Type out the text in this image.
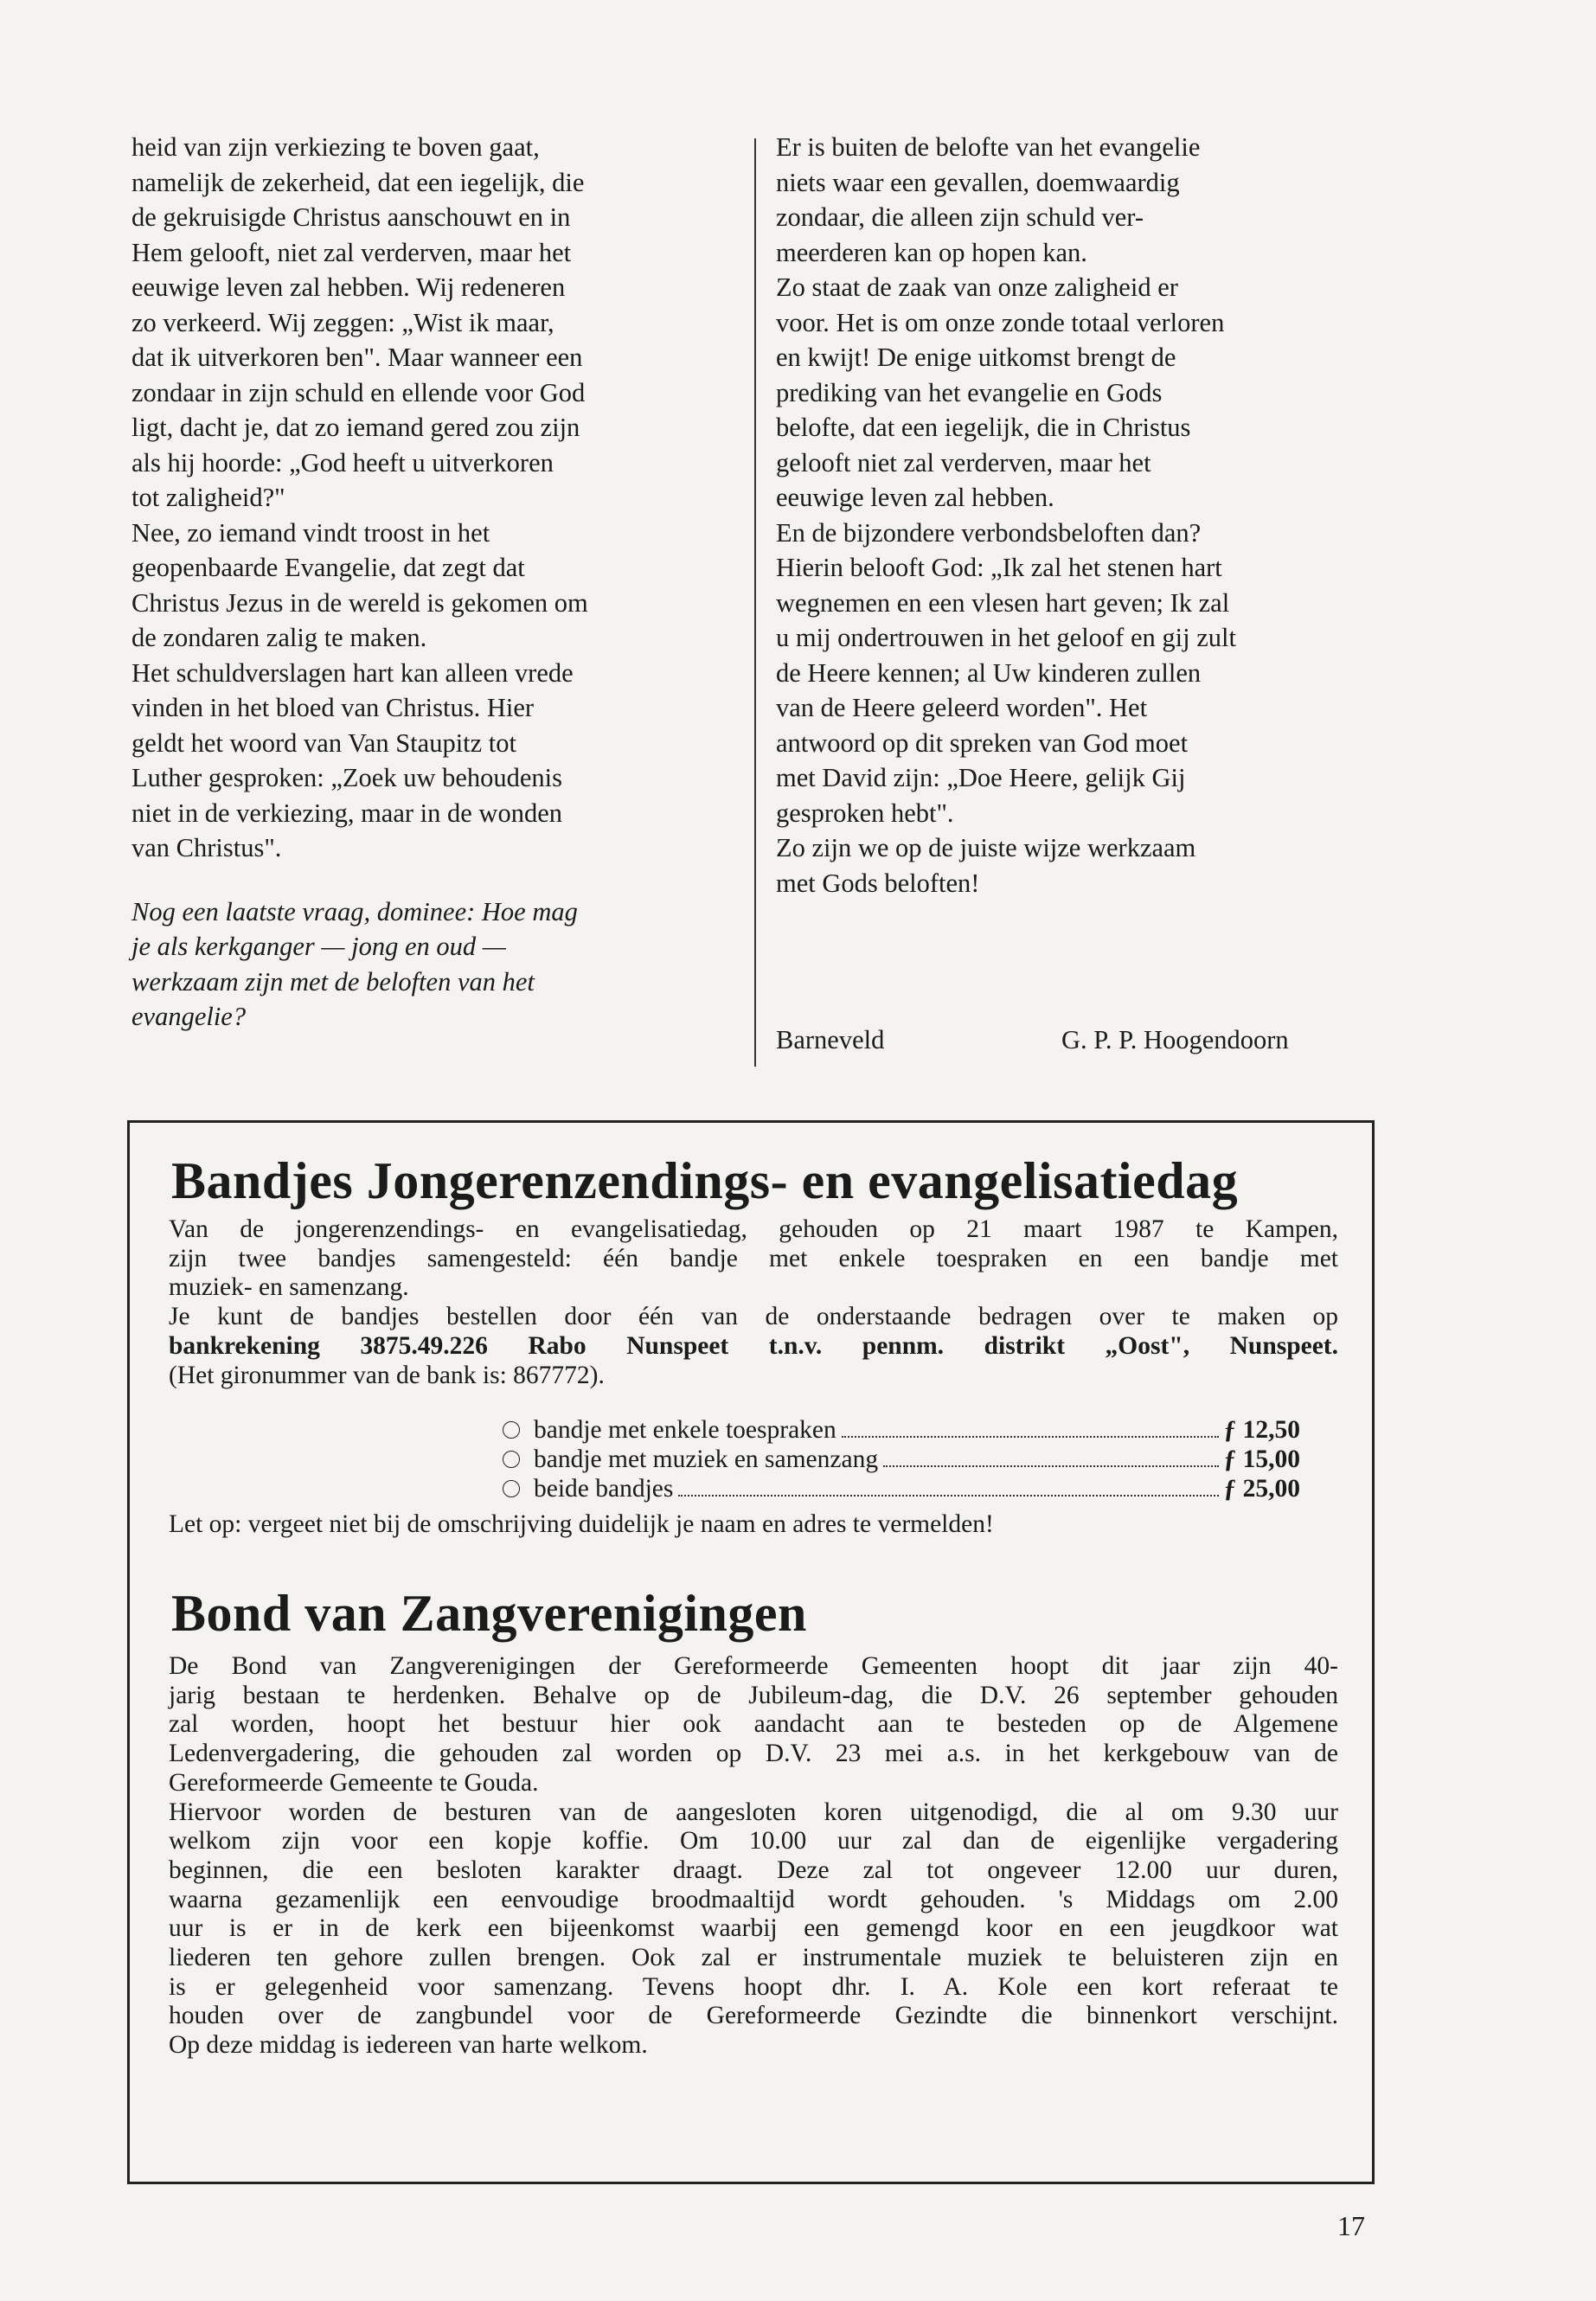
heid van zijn verkiezing te boven gaat,
namelijk de zekerheid, dat een iegelijk, die
de gekruisigde Christus aanschouwt en in
Hem gelooft, niet zal verderven, maar het
eeuwige leven zal hebben. Wij redeneren
zo verkeerd. Wij zeggen: „Wist ik maar,
dat ik uitverkoren ben". Maar wanneer een
zondaar in zijn schuld en ellende voor God
ligt, dacht je, dat zo iemand gered zou zijn
als hij hoorde: „God heeft u uitverkoren
tot zaligheid?"
Nee, zo iemand vindt troost in het
geopenbaarde Evangelie, dat zegt dat
Christus Jezus in de wereld is gekomen om
de zondaren zalig te maken.
Het schuldverslagen hart kan alleen vrede
vinden in het bloed van Christus. Hier
geldt het woord van Van Staupitz tot
Luther gesproken: „Zoek uw behoudenis
niet in de verkiezing, maar in de wonden
van Christus".
Nog een laatste vraag, dominee: Hoe mag
je als kerkganger — jong en oud —
werkzaam zijn met de beloften van het
evangelie?
Er is buiten de belofte van het evangelie
niets waar een gevallen, doemwaardig
zondaar, die alleen zijn schuld ver-
meerderen kan op hopen kan.
Zo staat de zaak van onze zaligheid er
voor. Het is om onze zonde totaal verloren
en kwijt! De enige uitkomst brengt de
prediking van het evangelie en Gods
belofte, dat een iegelijk, die in Christus
gelooft niet zal verderven, maar het
eeuwige leven zal hebben.
En de bijzondere verbondsbeloften dan?
Hierin belooft God: „Ik zal het stenen hart
wegnemen en een vlesen hart geven; Ik zal
u mij ondertrouwen in het geloof en gij zult
de Heere kennen; al Uw kinderen zullen
van de Heere geleerd worden". Het
antwoord op dit spreken van God moet
met David zijn: „Doe Heere, gelijk Gij
gesproken hebt".
Zo zijn we op de juiste wijze werkzaam
met Gods beloften!
Barneveld	G. P. P. Hoogendoorn
Bandjes Jongerenzendings- en evangelisatiedag
Van de jongerenzendings- en evangelisatiedag, gehouden op 21 maart 1987 te Kampen,
zijn twee bandjes samengesteld: één bandje met enkele toespraken en een bandje met
muziek- en samenzang.
Je kunt de bandjes bestellen door één van de onderstaande bedragen over te maken op
bankrekening 3875.49.226 Rabo Nunspeet t.n.v. pennm. distrikt „Oost", Nunspeet.
(Het gironummer van de bank is: 867772).
bandje met enkele toespraken	ƒ 12,50
bandje met muziek en samenzang	ƒ 15,00
beide bandjes	ƒ 25,00
Let op: vergeet niet bij de omschrijving duidelijk je naam en adres te vermelden!
Bond van Zangverenigingen
De Bond van Zangverenigingen der Gereformeerde Gemeenten hoopt dit jaar zijn 40-
jarig bestaan te herdenken. Behalve op de Jubileum-dag, die D.V. 26 september gehouden
zal worden, hoopt het bestuur hier ook aandacht aan te besteden op de Algemene
Ledenvergadering, die gehouden zal worden op D.V. 23 mei a.s. in het kerkgebouw van de
Gereformeerde Gemeente te Gouda.
Hiervoor worden de besturen van de aangesloten koren uitgenodigd, die al om 9.30 uur
welkom zijn voor een kopje koffie. Om 10.00 uur zal dan de eigenlijke vergadering
beginnen, die een besloten karakter draagt. Deze zal tot ongeveer 12.00 uur duren,
waarna gezamenlijk een eenvoudige broodmaaltijd wordt gehouden. 's Middags om 2.00
uur is er in de kerk een bijeenkomst waarbij een gemengd koor en een jeugdkoor wat
liederen ten gehore zullen brengen. Ook zal er instrumentale muziek te beluisteren zijn en
is er gelegenheid voor samenzang. Tevens hoopt dhr. I. A. Kole een kort referaat te
houden over de zangbundel voor de Gereformeerde Gezindte die binnenkort verschijnt.
Op deze middag is iedereen van harte welkom.
17
